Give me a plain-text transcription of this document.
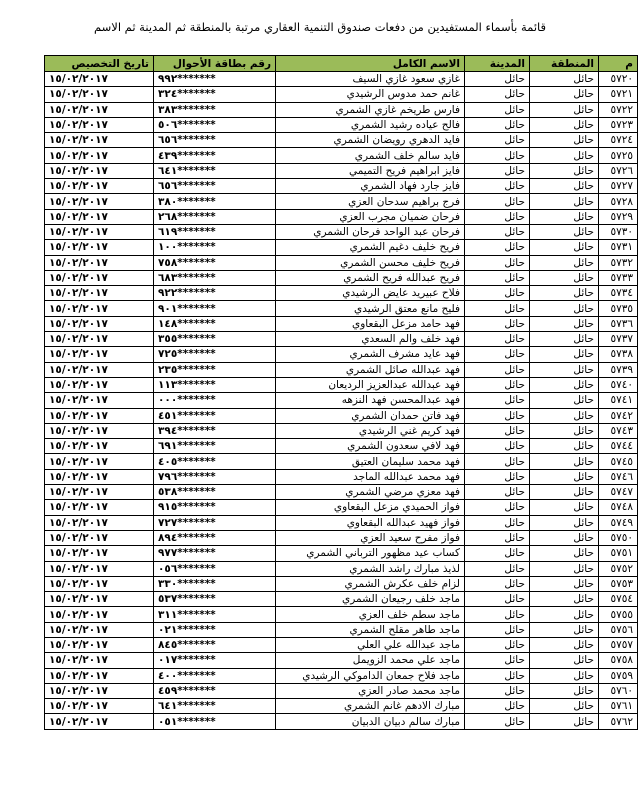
قائمة بأسماء المستفيدين من دفعات صندوق التنمية العقاري مرتبة بالمنطقة ثم المدينة ثم الاسم
م	المنطقة	المدينة	الاسم الكامل	رقم بطاقة الأحوال	تاريخ التخصيص
٥٧٢٠	حائل	حائل	غازي سعود غازي السيف	٩٩٢*******	١٥/٠٢/٢٠١٧
٥٧٢١	حائل	حائل	غانم حمد مدوس الرشيدي	٣٢٤*******	١٥/٠٢/٢٠١٧
٥٧٢٢	حائل	حائل	فارس طريخم غازي الشمري	٣٨٣*******	١٥/٠٢/٢٠١٧
٥٧٢٣	حائل	حائل	فالح عياده رشيد الشمري	٥٠٦*******	١٥/٠٢/٢٠١٧
٥٧٢٤	حائل	حائل	فايد الدهري رويضان الشمري	٦٥٦*******	١٥/٠٢/٢٠١٧
٥٧٢٥	حائل	حائل	فايد سالم خلف الشمري	٤٣٩*******	١٥/٠٢/٢٠١٧
٥٧٢٦	حائل	حائل	فايز ابراهيم فريح التميمي	٦٤١*******	١٥/٠٢/٢٠١٧
٥٧٢٧	حائل	حائل	فايز جارد فهاد الشمري	٦٥٦*******	١٥/٠٢/٢٠١٧
٥٧٢٨	حائل	حائل	فرج براهيم سدحان العزي	٣٨٠*******	١٥/٠٢/٢٠١٧
٥٧٢٩	حائل	حائل	فرحان ضميان مجرب العزي	٢٦٨*******	١٥/٠٢/٢٠١٧
٥٧٣٠	حائل	حائل	فرحان عبد الواحد فرحان الشمري	٦١٩*******	١٥/٠٢/٢٠١٧
٥٧٣١	حائل	حائل	فريح خليف دغيم الشمري	١٠٠*******	١٥/٠٢/٢٠١٧
٥٧٣٢	حائل	حائل	فريح خليف محسن الشمري	٧٥٨*******	١٥/٠٢/٢٠١٧
٥٧٣٣	حائل	حائل	فريح عبدالله فريح الشمري	٦٨٣*******	١٥/٠٢/٢٠١٧
٥٧٣٤	حائل	حائل	فلاح عبيريد عايض الرشيدي	٩٢٢*******	١٥/٠٢/٢٠١٧
٥٧٣٥	حائل	حائل	فليح مانع معتق الرشيدي	٩٠١*******	١٥/٠٢/٢٠١٧
٥٧٣٦	حائل	حائل	فهد حامد مزعل البقعاوي	١٤٨*******	١٥/٠٢/٢٠١٧
٥٧٣٧	حائل	حائل	فهد خلف والم السعدي	٣٥٥*******	١٥/٠٢/٢٠١٧
٥٧٣٨	حائل	حائل	فهد عايد مشرف الشمري	٧٢٥*******	١٥/٠٢/٢٠١٧
٥٧٣٩	حائل	حائل	فهد عبدالله صائل الشمري	٢٣٥*******	١٥/٠٢/٢٠١٧
٥٧٤٠	حائل	حائل	فهد عبدالله عبدالعزيز الرديعان	١١٣*******	١٥/٠٢/٢٠١٧
٥٧٤١	حائل	حائل	فهد عبدالمحسن فهد النزهه	٠٠٠*******	١٥/٠٢/٢٠١٧
٥٧٤٢	حائل	حائل	فهد فاتن حمدان الشمري	٤٥١*******	١٥/٠٢/٢٠١٧
٥٧٤٣	حائل	حائل	فهد كريم غني الرشيدي	٣٩٤*******	١٥/٠٢/٢٠١٧
٥٧٤٤	حائل	حائل	فهد لافي سعدون الشمري	٦٩١*******	١٥/٠٢/٢٠١٧
٥٧٤٥	حائل	حائل	فهد محمد سليمان العتيق	٤٠٥*******	١٥/٠٢/٢٠١٧
٥٧٤٦	حائل	حائل	فهد محمد عبدالله الماجد	٧٩٦*******	١٥/٠٢/٢٠١٧
٥٧٤٧	حائل	حائل	فهد معزي مرضي الشمري	٥٣٨*******	١٥/٠٢/٢٠١٧
٥٧٤٨	حائل	حائل	فواز الحميدي مزعل البقعاوي	٩١٥*******	١٥/٠٢/٢٠١٧
٥٧٤٩	حائل	حائل	فواز فهيد عبدالله البقعاوي	٧٢٧*******	١٥/٠٢/٢٠١٧
٥٧٥٠	حائل	حائل	فواز مفرح سعيد العزي	٨٩٤*******	١٥/٠٢/٢٠١٧
٥٧٥١	حائل	حائل	كساب عيد مظهور الترباني الشمري	٩٧٧*******	١٥/٠٢/٢٠١٧
٥٧٥٢	حائل	حائل	لذيذ مبارك راشد الشمري	٠٥٦*******	١٥/٠٢/٢٠١٧
٥٧٥٣	حائل	حائل	لزام خلف عكرش الشمري	٣٣٠*******	١٥/٠٢/٢٠١٧
٥٧٥٤	حائل	حائل	ماجد خلف رجيعان الشمري	٥٣٧*******	١٥/٠٢/٢٠١٧
٥٧٥٥	حائل	حائل	ماجد سطم خلف العزي	٣١١*******	١٥/٠٢/٢٠١٧
٥٧٥٦	حائل	حائل	ماجد طاهر مقلح الشمري	٠٢١*******	١٥/٠٢/٢٠١٧
٥٧٥٧	حائل	حائل	ماجد عبدالله علي العلي	٨٤٥*******	١٥/٠٢/٢٠١٧
٥٧٥٨	حائل	حائل	ماجد علي محمد الزويمل	٠١٧*******	١٥/٠٢/٢٠١٧
٥٧٥٩	حائل	حائل	ماجد فلاح جمعان الداموكي الرشيدي	٤٠٠*******	١٥/٠٢/٢٠١٧
٥٧٦٠	حائل	حائل	ماجد محمد صادر العزي	٤٥٩*******	١٥/٠٢/٢٠١٧
٥٧٦١	حائل	حائل	مبارك الادهم غانم الشمري	٦٤١*******	١٥/٠٢/٢٠١٧
٥٧٦٢	حائل	حائل	مبارك سالم دبيان الدبيان	٠٥١*******	١٥/٠٢/٢٠١٧
